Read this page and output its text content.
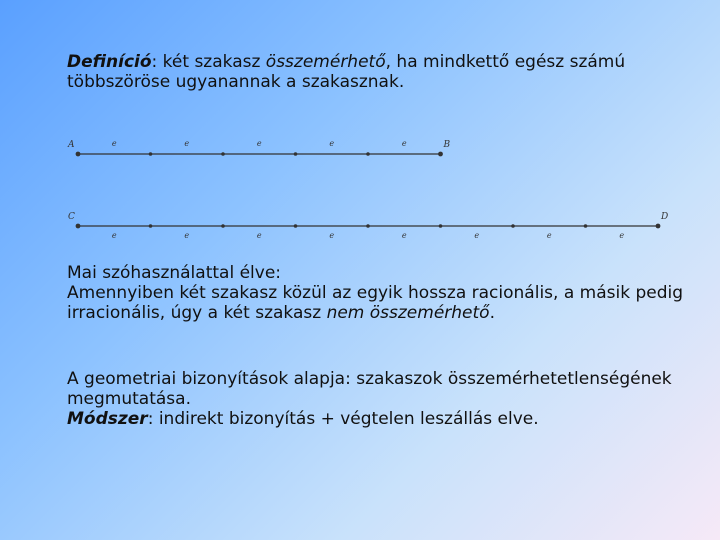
Definíció: két szakasz összemérhető, ha mindkettő egész számú többszöröse ugyanannak a szakasznak.

e	e	e	e	e
A	B
e	e	e	e	e	e	e	e
C	D

Mai szóhasználattal élve:

Amennyiben két szakasz közül az egyik hossza racionális, a másik pedig irracionális, úgy a két szakasz nem összemérhető.

A geometriai bizonyítások alapja: szakaszok összemérhetetlenségének megmutatása.

Módszer: indirekt bizonyítás + végtelen leszállás elve.
